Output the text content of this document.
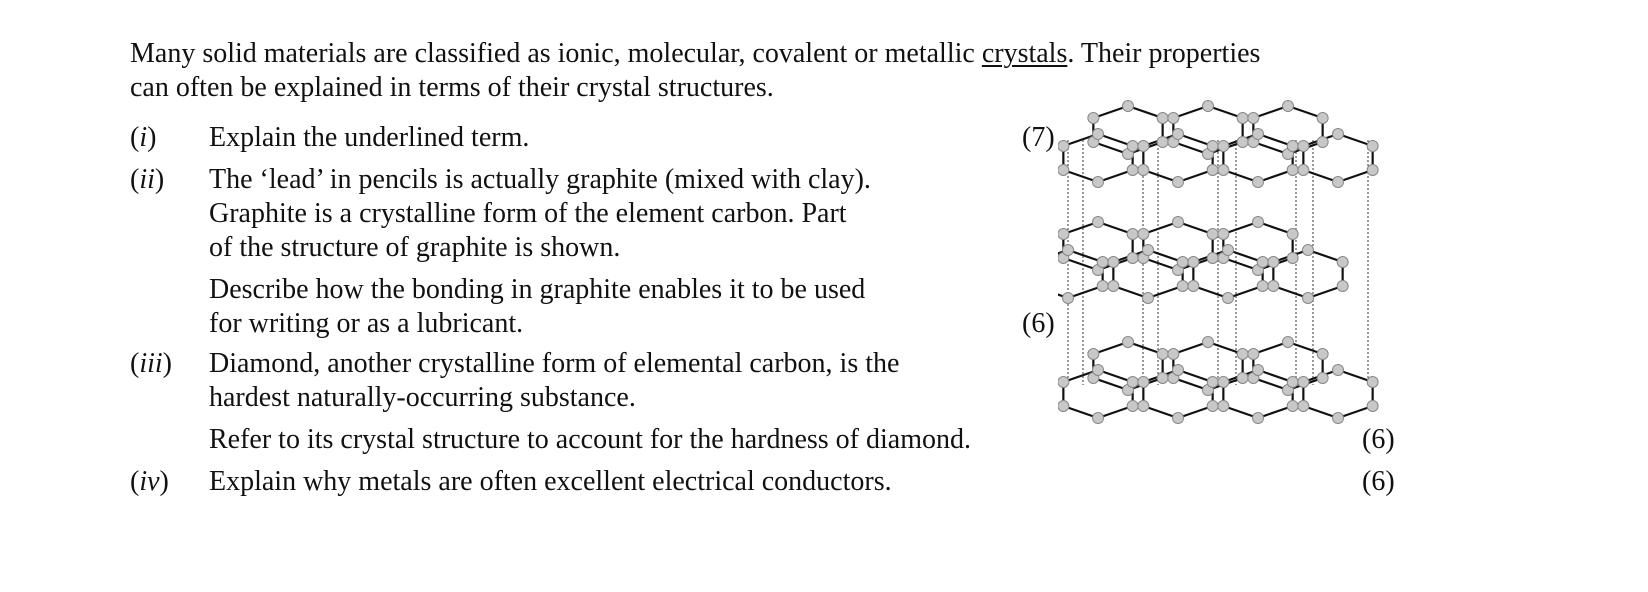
Many solid materials are classified as ionic, molecular, covalent or metallic crystals. Their properties
can often be explained in terms of their crystal structures.
(i) Explain the underlined term.	(7)
(ii) The ‘lead’ in pencils is actually graphite (mixed with clay).
Graphite is a crystalline form of the element carbon. Part
of the structure of graphite is shown.
Describe how the bonding in graphite enables it to be used
for writing or as a lubricant.	(6)
(iii) Diamond, another crystalline form of elemental carbon, is the
hardest naturally-occurring substance.
Refer to its crystal structure to account for the hardness of diamond.	(6)
(iv) Explain why metals are often excellent electrical conductors.	(6)
